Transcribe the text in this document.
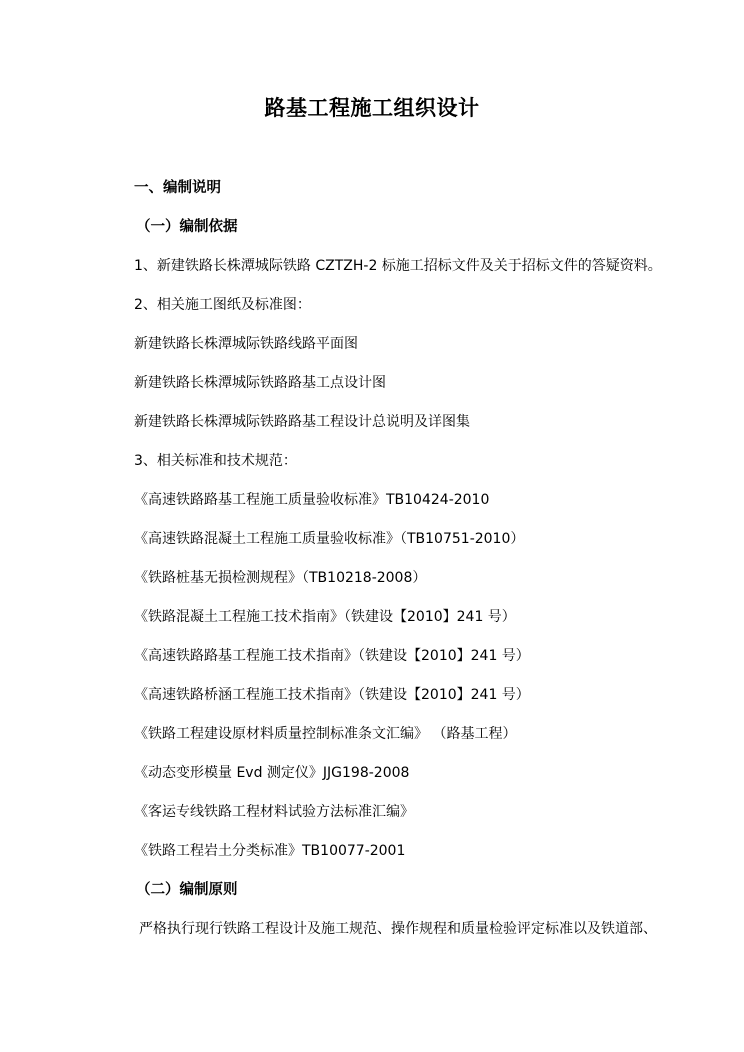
路基工程施工组织设计
一、编制说明
（一）编制依据
1、新建铁路长株潭城际铁路 CZTZH-2 标施工招标文件及关于招标文件的答疑资料。
2、相关施工图纸及标准图：
新建铁路长株潭城际铁路线路平面图
新建铁路长株潭城际铁路路基工点设计图
新建铁路长株潭城际铁路路基工程设计总说明及详图集
3、相关标准和技术规范：
《高速铁路路基工程施工质量验收标准》TB10424-2010
《高速铁路混凝土工程施工质量验收标准》（TB10751-2010）
《铁路桩基无损检测规程》（TB10218-2008）
《铁路混凝土工程施工技术指南》（铁建设【2010】241 号）
《高速铁路路基工程施工技术指南》（铁建设【2010】241 号）
《高速铁路桥涵工程施工技术指南》（铁建设【2010】241 号）
《铁路工程建设原材料质量控制标准条文汇编》 （路基工程）
《动态变形模量 Evd 测定仪》JJG198-2008
《客运专线铁路工程材料试验方法标准汇编》
《铁路工程岩土分类标准》TB10077-2001
（二）编制原则
严格执行现行铁路工程设计及施工规范、操作规程和质量检验评定标准以及铁道部、
